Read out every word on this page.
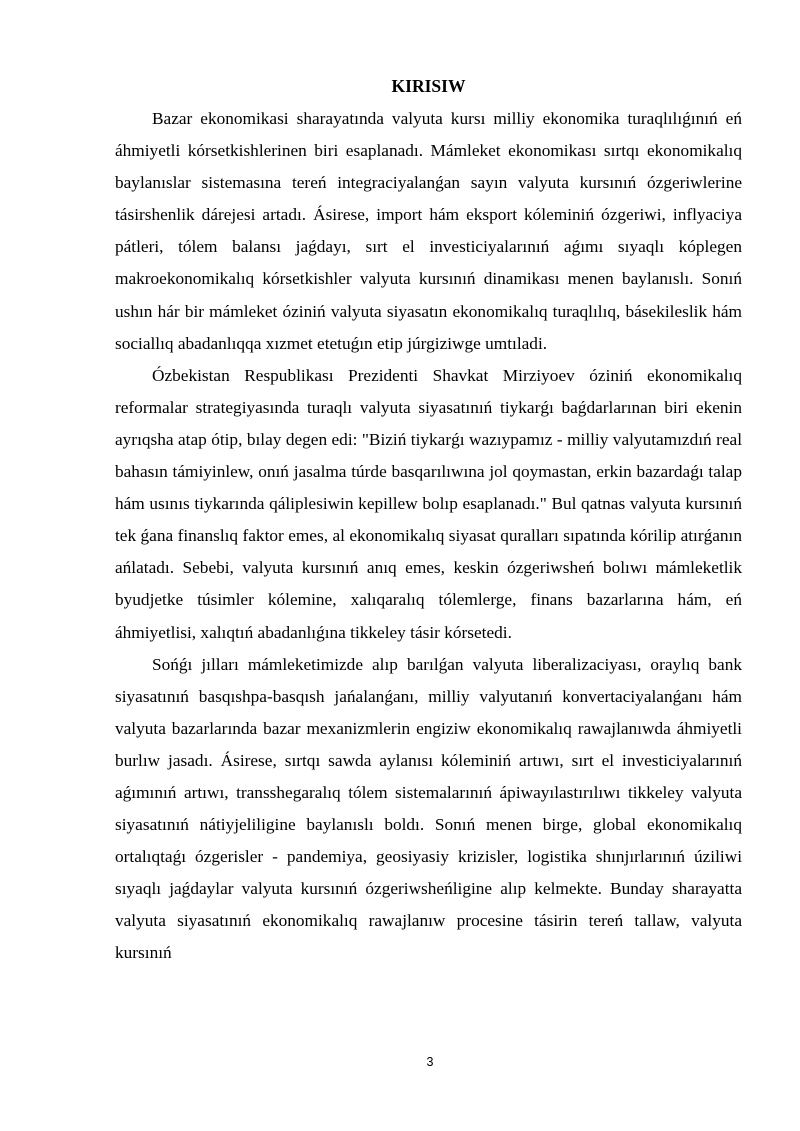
KIRISIW

Bazar ekonomikasi sharayatında valyuta kursı milliy ekonomika turaqlılıǵınıń eń áhmiyetli kórsetkishlerinen biri esaplanadı. Mámleket ekonomikası sırtqı ekonomikalıq baylanıslar sistemasına tereń integraciyalanǵan sayın valyuta kursınıń ózgeriwlerine tásirshenlik dárejesi artadı. Ásirese, import hám eksport kóleminiń ózgeriwi, inflyaciya pátleri, tólem balansı jaǵdayı, sırt el investiciyalarınıń aǵımı sıyaqlı kóplegen makroekonomikalıq kórsetkishler valyuta kursınıń dinamikası menen baylanıslı. Sonıń ushın hár bir mámleket óziniń valyuta siyasatın ekonomikalıq turaqlılıq, básekileslik hám sociallıq abadanlıqqa xızmet etetuǵın etip júrgiziwge umtıladi.

Ózbekistan Respublikası Prezidenti Shavkat Mirziyoev óziniń ekonomikalıq reformalar strategiyasında turaqlı valyuta siyasatınıń tiykarǵı baǵdarlarınan biri ekenin ayrıqsha atap ótip, bılay degen edi: "Biziń tiykarǵı wazıypamız - milliy valyutamızdıń real bahasın támiyinlew, onıń jasalma túrde basqarılıwına jol qoymastan, erkin bazardaǵı talap hám usınıs tiykarında qáliplesiwin kepillew bolıp esaplanadı." Bul qatnas valyuta kursınıń tek ǵana finanslıq faktor emes, al ekonomikalıq siyasat quralları sıpatında kórilip atırǵanın ańlatadı. Sebebi, valyuta kursınıń anıq emes, keskin ózgeriwsheń bolıwı mámleketlik byudjetke túsimler kólemine, xalıqaralıq tólemlerge, finans bazarlarına hám, eń áhmiyetlisi, xalıqtıń abadanlıǵına tikkeley tásir kórsetedi.

Sońǵı jılları mámleketimizde alıp barılǵan valyuta liberalizaciyası, oraylıq bank siyasatınıń basqıshpa-basqısh jańalanǵanı, milliy valyutanıń konvertaciyalanǵanı hám valyuta bazarlarında bazar mexanizmlerin engiziw ekonomikalıq rawajlanıwda áhmiyetli burlıw jasadı. Ásirese, sırtqı sawda aylanısı kóleminiń artıwı, sırt el investiciyalarınıń aǵımınıń artıwı, transshegaralıq tólem sistemalarınıń ápiwayılastırılıwı tikkeley valyuta siyasatınıń nátiyjeliligine baylanıslı boldı. Sonıń menen birge, global ekonomikalıq ortalıqtaǵı ózgerisler - pandemiya, geosiyasiy krizisler, logistika shınjırlarınıń úziliwi sıyaqlı jaǵdaylar valyuta kursınıń ózgeriwsheńligine alıp kelmekte. Bunday sharayatta valyuta siyasatınıń ekonomikalıq rawajlanıw procesine tásirin tereń tallaw, valyuta kursınıń

3
